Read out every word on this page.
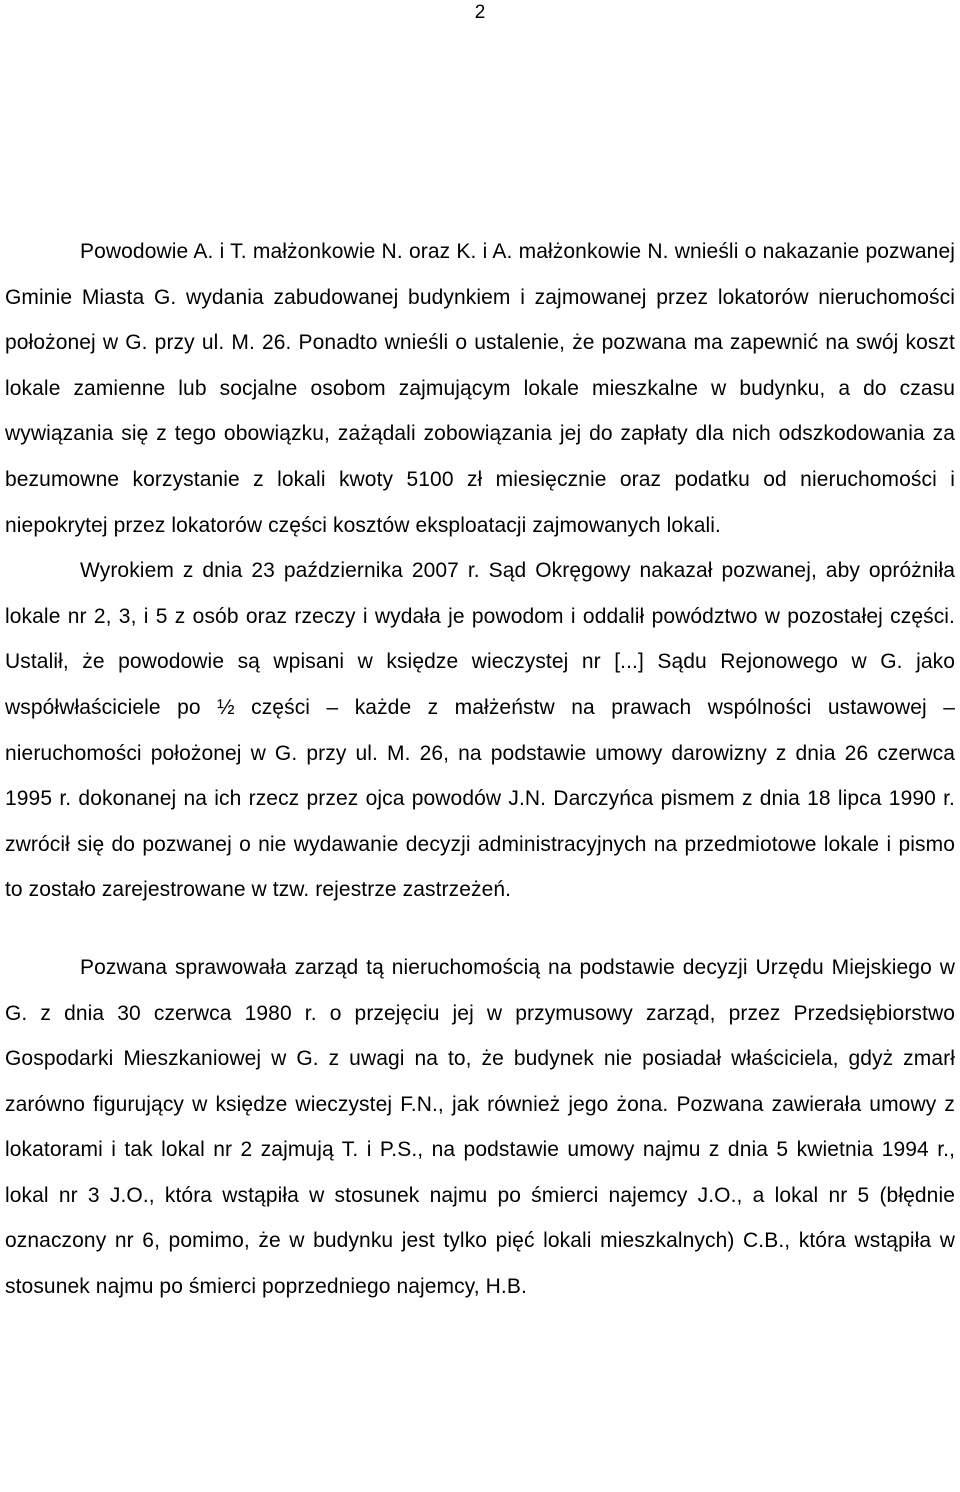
2

Powodowie A. i T. małżonkowie N. oraz K. i A. małżonkowie N. wnieśli o nakazanie pozwanej Gminie Miasta G. wydania zabudowanej budynkiem i zajmowanej przez lokatorów nieruchomości położonej w G. przy ul. M. 26. Ponadto wnieśli o ustalenie, że pozwana ma zapewnić na swój koszt lokale zamienne lub socjalne osobom zajmującym lokale mieszkalne w budynku, a do czasu wywiązania się z tego obowiązku, zażądali zobowiązania jej do zapłaty dla nich odszkodowania za bezumowne korzystanie z lokali kwoty 5100 zł miesięcznie oraz podatku od nieruchomości i niepokrytej przez lokatorów części kosztów eksploatacji zajmowanych lokali.

Wyrokiem z dnia 23 października 2007 r. Sąd Okręgowy nakazał pozwanej, aby opróżniła lokale nr 2, 3, i 5 z osób oraz rzeczy i wydała je powodom i oddalił powództwo w pozostałej części. Ustalił, że powodowie są wpisani w księdze wieczystej nr [...] Sądu Rejonowego w G. jako współwłaściciele po ½ części – każde z małżeństw na prawach wspólności ustawowej – nieruchomości położonej w G. przy ul. M. 26, na podstawie umowy darowizny z dnia 26 czerwca 1995 r. dokonanej na ich rzecz przez ojca powodów J.N. Darczyńca pismem z dnia 18 lipca 1990 r. zwrócił się do pozwanej o nie wydawanie decyzji administracyjnych na przedmiotowe lokale i pismo to zostało zarejestrowane w tzw. rejestrze zastrzeżeń.

Pozwana sprawowała zarząd tą nieruchomością na podstawie decyzji Urzędu Miejskiego w G. z dnia 30 czerwca 1980 r. o przejęciu jej w przymusowy zarząd, przez Przedsiębiorstwo Gospodarki Mieszkaniowej w G. z uwagi na to, że budynek nie posiadał właściciela, gdyż zmarł zarówno figurujący w księdze wieczystej F.N., jak również jego żona. Pozwana zawierała umowy z lokatorami i tak lokal nr 2 zajmują T. i P.S., na podstawie umowy najmu z dnia 5 kwietnia 1994 r., lokal nr 3 J.O., która wstąpiła w stosunek najmu po śmierci najemcy J.O., a lokal nr 5 (błędnie oznaczony nr 6, pomimo, że w budynku jest tylko pięć lokali mieszkalnych) C.B., która wstąpiła w stosunek najmu po śmierci poprzedniego najemcy, H.B.
